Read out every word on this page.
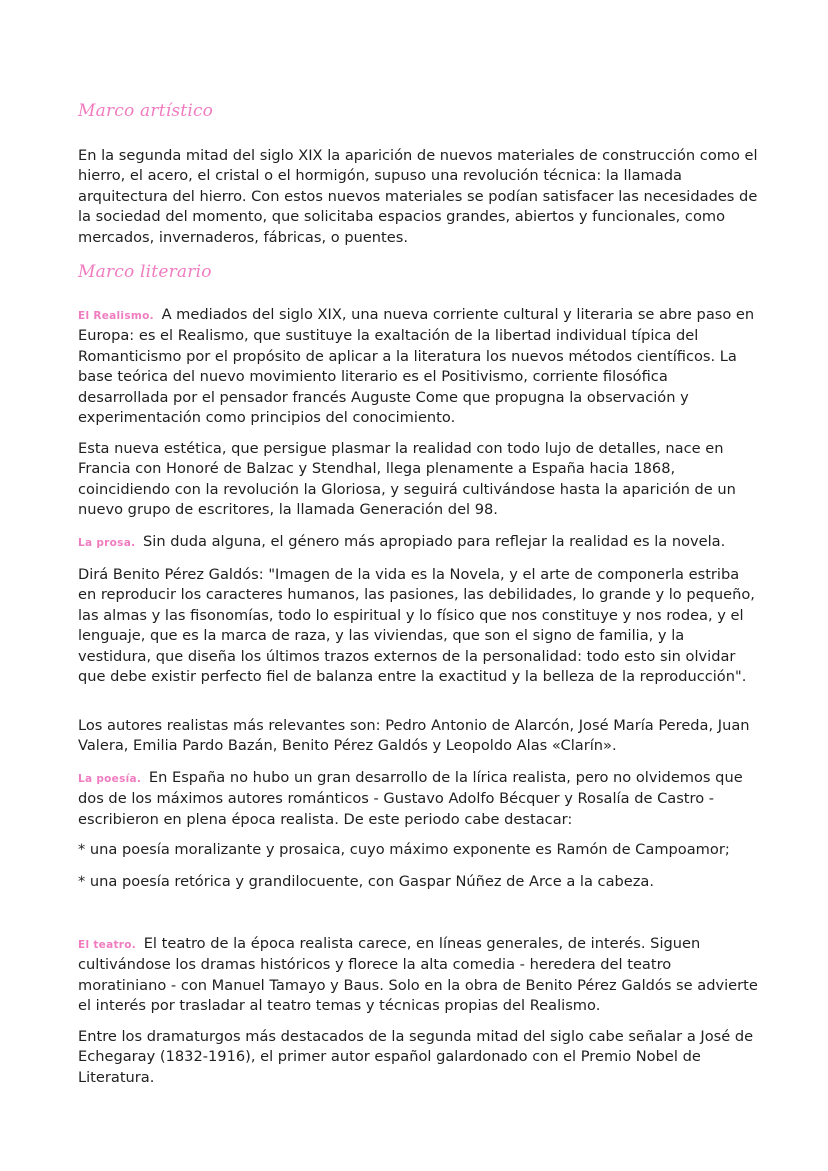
Marco artístico

En la segunda mitad del siglo XIX la aparición de nuevos materiales de construcción como el hierro, el acero, el cristal o el hormigón, supuso una revolución técnica: la llamada arquitectura del hierro. Con estos nuevos materiales se podían satisfacer las necesidades de la sociedad del momento, que solicitaba espacios grandes, abiertos y funcionales, como mercados, invernaderos, fábricas, o puentes.

Marco literario

El Realismo. A mediados del siglo XIX, una nueva corriente cultural y literaria se abre paso en Europa: es el Realismo, que sustituye la exaltación de la libertad individual típica del Romanticismo por el propósito de aplicar a la literatura los nuevos métodos científicos. La base teórica del nuevo movimiento literario es el Positivismo, corriente filosófica desarrollada por el pensador francés Auguste Come que propugna la observación y experimentación como principios del conocimiento.

Esta nueva estética, que persigue plasmar la realidad con todo lujo de detalles, nace en Francia con Honoré de Balzac y Stendhal, llega plenamente a España hacia 1868, coincidiendo con la revolución la Gloriosa, y seguirá cultivándose hasta la aparición de un nuevo grupo de escritores, la llamada Generación del 98.

La prosa. Sin duda alguna, el género más apropiado para reflejar la realidad es la novela.

Dirá Benito Pérez Galdós: "Imagen de la vida es la Novela, y el arte de componerla estriba en reproducir los caracteres humanos, las pasiones, las debilidades, lo grande y lo pequeño, las almas y las fisonomías, todo lo espiritual y lo físico que nos constituye y nos rodea, y el lenguaje, que es la marca de raza, y las viviendas, que son el signo de familia, y la vestidura, que diseña los últimos trazos externos de la personalidad: todo esto sin olvidar que debe existir perfecto fiel de balanza entre la exactitud y la belleza de la reproducción".

Los autores realistas más relevantes son: Pedro Antonio de Alarcón, José María Pereda, Juan Valera, Emilia Pardo Bazán, Benito Pérez Galdós y Leopoldo Alas «Clarín».

La poesía. En España no hubo un gran desarrollo de la lírica realista, pero no olvidemos que dos de los máximos autores románticos - Gustavo Adolfo Bécquer y Rosalía de Castro - escribieron en plena época realista. De este periodo cabe destacar:

* una poesía moralizante y prosaica, cuyo máximo exponente es Ramón de Campoamor;

* una poesía retórica y grandilocuente, con Gaspar Núñez de Arce a la cabeza.

El teatro. El teatro de la época realista carece, en líneas generales, de interés. Siguen cultivándose los dramas históricos y florece la alta comedia - heredera del teatro moratiniano - con Manuel Tamayo y Baus. Solo en la obra de Benito Pérez Galdós se advierte el interés por trasladar al teatro temas y técnicas propias del Realismo.

Entre los dramaturgos más destacados de la segunda mitad del siglo cabe señalar a José de Echegaray (1832-1916), el primer autor español galardonado con el Premio Nobel de Literatura.
